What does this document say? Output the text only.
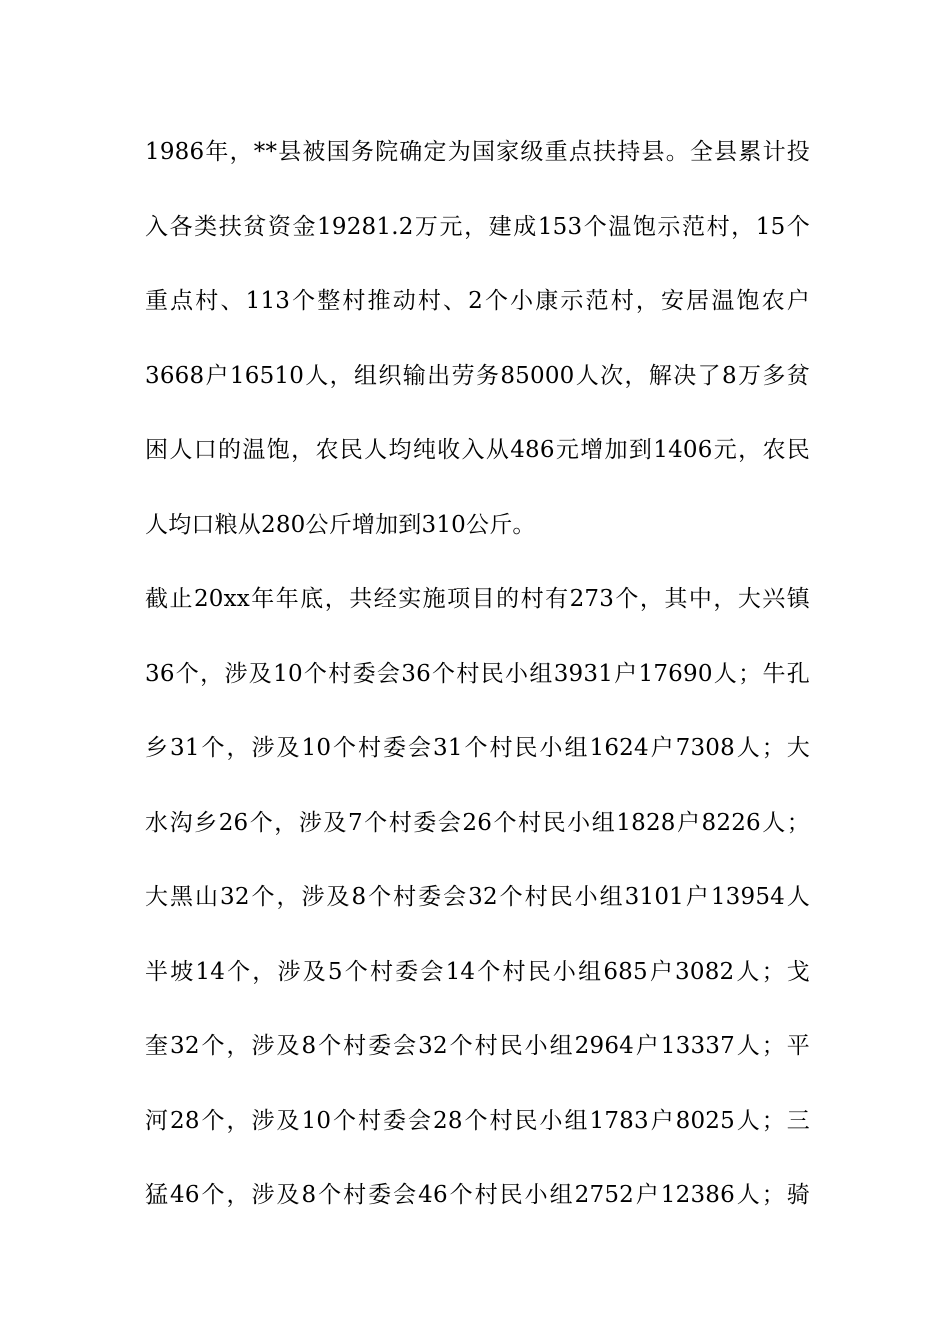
1986年，**县被国务院确定为国家级重点扶持县。全县累计投
入各类扶贫资金19281.2万元，建成153个温饱示范村，15个
重点村、113个整村推动村、2个小康示范村，安居温饱农户
3668户16510人，组织输出劳务85000人次，解决了8万多贫
困人口的温饱，农民人均纯收入从486元增加到1406元，农民
人均口粮从280公斤增加到310公斤。
截止20xx年年底，共经实施项目的村有273个，其中，大兴镇
36个，涉及10个村委会36个村民小组3931户17690人；牛孔
乡31个，涉及10个村委会31个村民小组1624户7308人；大
水沟乡26个，涉及7个村委会26个村民小组1828户8226人；
大黑山32个，涉及8个村委会32个村民小组3101户13954人
半坡14个，涉及5个村委会14个村民小组685户3082人；戈
奎32个，涉及8个村委会32个村民小组2964户13337人；平
河28个，涉及10个村委会28个村民小组1783户8025人；三
猛46个，涉及8个村委会46个村民小组2752户12386人；骑
